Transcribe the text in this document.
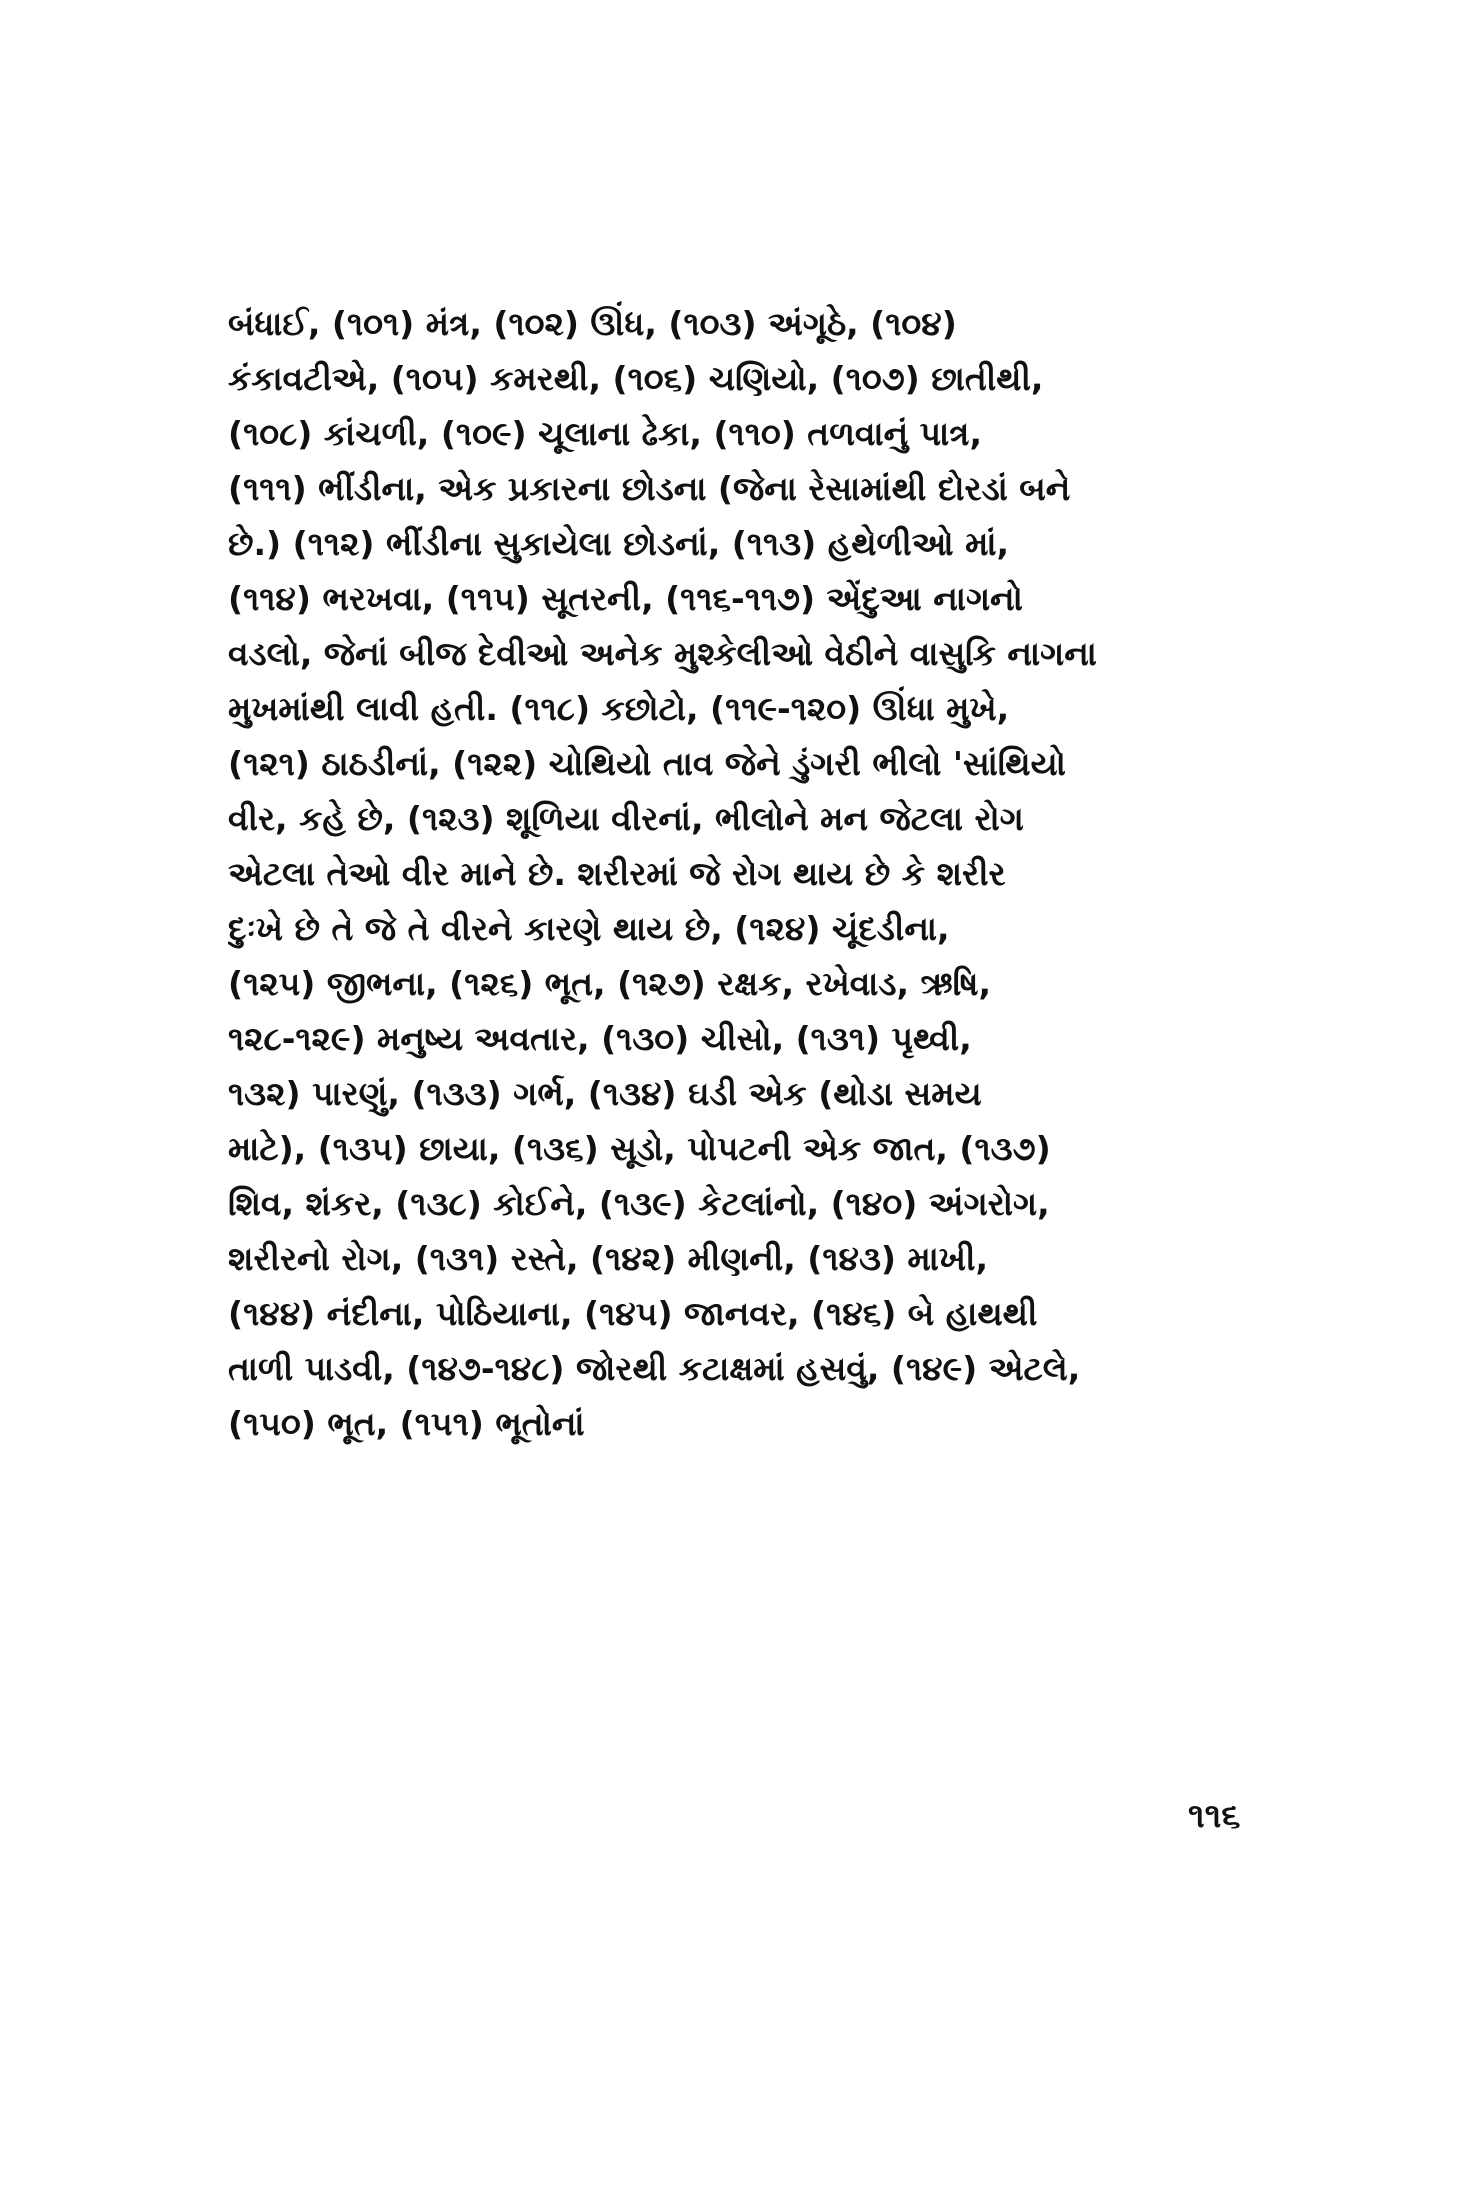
બંધાઈ, (૧૦૧) મંત્ર, (૧૦૨) ઊંધ, (૧૦૩) અંગૂઠે, (૧૦૪)
કંકાવટીએ, (૧૦૫) કમરથી, (૧૦૬) ચણિયો, (૧૦૭) છાતીથી,
(૧૦૮) કાંચળી, (૧૦૯) ચૂલાના ઢેકા, (૧૧૦) તળવાનું પાત્ર,
(૧૧૧) ભીંડીના, એક પ્રકારના છોડના (જેના રેસામાંથી દોરડાં બને
છે.) (૧૧૨) ભીંડીના સુકાયેલા છોડનાં, (૧૧૩) હથેળીઓ માં,
(૧૧૪) ભરખવા, (૧૧૫) સૂતરની, (૧૧૬-૧૧૭) એંદુઆ નાગનો
વડલો, જેનાં બીજ દેવીઓ અનેક મુશ્કેલીઓ વેઠીને વાસુકિ નાગના
મુખમાંથી લાવી હતી. (૧૧૮) કછોટો, (૧૧૯-૧૨૦) ઊંધા મુખે,
(૧૨૧) ઠાઠડીનાં, (૧૨૨) ચોથિયો તાવ જેને ડુંગરી ભીલો 'સાંથિયો
વીર, કહે છે, (૧૨૩) શૂળિયા વીરનાં, ભીલોને મન જેટલા રોગ
એટલા તેઓ વીર માને છે. શરીરમાં જે રોગ થાય છે કે શરીર
દુઃખે છે તે જે તે વીરને કારણે થાય છે, (૧૨૪) ચૂંદડીના,
(૧૨૫) જીભના, (૧૨૬) ભૂત, (૧૨૭) રક્ષક, રખેવાડ, ઋષિ,
૧૨૮-૧૨૯) મનુષ્ય અવતાર, (૧૩૦) ચીસો, (૧૩૧) પૃથ્વી,
૧૩૨) પારણું, (૧૩૩) ગર્ભ, (૧૩૪) ઘડી એક (થોડા સમય
માટે), (૧૩૫) છાયા, (૧૩૬) સૂડો, પોપટની એક જાત, (૧૩૭)
શિવ, શંકર, (૧૩૮) કોઈને, (૧૩૯) કેટલાંનો, (૧૪૦) અંગરોગ,
શરીરનો રોગ, (૧૩૧) રસ્તે, (૧૪૨) મીણની, (૧૪૩) માખી,
(૧૪૪) નંદીના, પોઠિયાના, (૧૪૫) જાનવર, (૧૪૬) બે હાથથી
તાળી પાડવી, (૧૪૭-૧૪૮) જોરથી કટાક્ષમાં હસવું, (૧૪૯) એટલે,
(૧૫૦) ભૂત, (૧૫૧) ભૂતોનાં
૧૧૬
